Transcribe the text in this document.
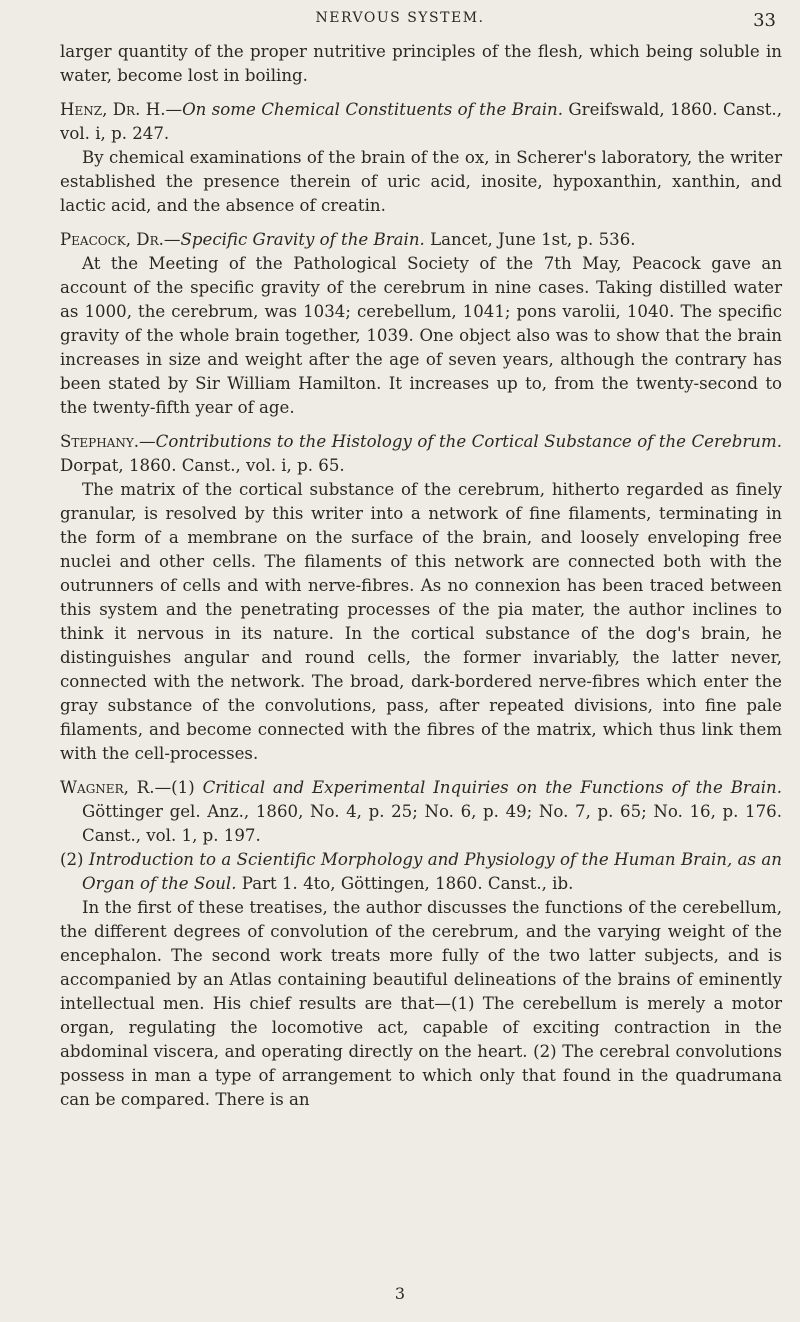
NERVOUS SYSTEM.	33

larger quantity of the proper nutritive principles of the flesh, which being soluble in water, become lost in boiling.

Henz, Dr. H.—On some Chemical Constituents of the Brain. Greifswald, 1860. Canst., vol. i, p. 247.

By chemical examinations of the brain of the ox, in Scherer's laboratory, the writer established the presence therein of uric acid, inosite, hypoxanthin, xanthin, and lactic acid, and the absence of creatin.

Peacock, Dr.—Specific Gravity of the Brain. Lancet, June 1st, p. 536.

At the Meeting of the Pathological Society of the 7th May, Peacock gave an account of the specific gravity of the cerebrum in nine cases. Taking distilled water as 1000, the cerebrum, was 1034; cerebellum, 1041; pons varolii, 1040. The specific gravity of the whole brain together, 1039. One object also was to show that the brain increases in size and weight after the age of seven years, although the contrary has been stated by Sir William Hamilton. It increases up to, from the twenty-second to the twenty-fifth year of age.

Stephany.—Contributions to the Histology of the Cortical Substance of the Cerebrum. Dorpat, 1860. Canst., vol. i, p. 65.

The matrix of the cortical substance of the cerebrum, hitherto regarded as finely granular, is resolved by this writer into a network of fine filaments, terminating in the form of a membrane on the surface of the brain, and loosely enveloping free nuclei and other cells. The filaments of this network are connected both with the outrunners of cells and with nerve-fibres. As no connexion has been traced between this system and the penetrating processes of the pia mater, the author inclines to think it nervous in its nature. In the cortical substance of the dog's brain, he distinguishes angular and round cells, the former invariably, the latter never, connected with the network. The broad, dark-bordered nerve-fibres which enter the gray substance of the convolutions, pass, after repeated divisions, into fine pale filaments, and become connected with the fibres of the matrix, which thus link them with the cell-processes.

Wagner, R.—(1) Critical and Experimental Inquiries on the Functions of the Brain. Göttinger gel. Anz., 1860, No. 4, p. 25; No. 6, p. 49; No. 7, p. 65; No. 16, p. 176. Canst., vol. 1, p. 197.

(2) Introduction to a Scientific Morphology and Physiology of the Human Brain, as an Organ of the Soul. Part 1. 4to, Göttingen, 1860. Canst., ib.

In the first of these treatises, the author discusses the functions of the cerebellum, the different degrees of convolution of the cerebrum, and the varying weight of the encephalon. The second work treats more fully of the two latter subjects, and is accompanied by an Atlas containing beautiful delineations of the brains of eminently intellectual men. His chief results are that—(1) The cerebellum is merely a motor organ, regulating the locomotive act, capable of exciting contraction in the abdominal viscera, and operating directly on the heart. (2) The cerebral convolutions possess in man a type of arrangement to which only that found in the quadrumana can be compared. There is an

3
